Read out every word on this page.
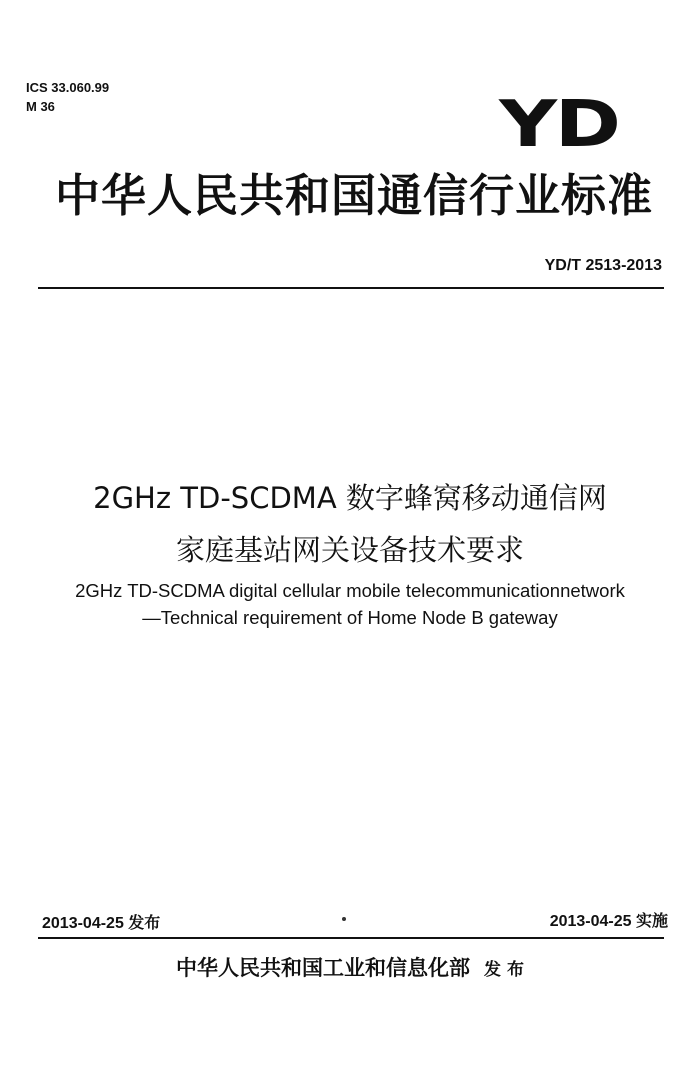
ICS 33.060.99
M 36	YD
中华人民共和国通信行业标准
YD/T 2513-2013
2GHz TD-SCDMA 数字蜂窝移动通信网
家庭基站网关设备技术要求
2GHz TD-SCDMA digital cellular mobile telecommunicationnetwork
—Technical requirement of Home Node B gateway
2013-04-25 发布	2013-04-25 实施
中华人民共和国工业和信息化部 发 布
